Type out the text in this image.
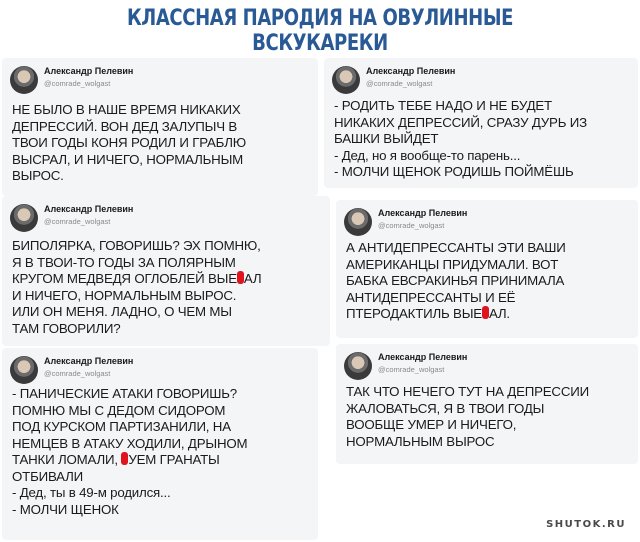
КЛАССНАЯ ПАРОДИЯ НА ОВУЛИННЫЕ ВСКУКАРЕКИ
Александр Пелевин
@comrade_wolgast
НЕ БЫЛО В НАШЕ ВРЕМЯ НИКАКИХ
ДЕПРЕССИЙ. ВОН ДЕД ЗАЛУПЫЧ В
ТВОИ ГОДЫ КОНЯ РОДИЛ И ГРАБЛЮ
ВЫСРАЛ, И НИЧЕГО, НОРМАЛЬНЫМ
ВЫРОС.
Александр Пелевин
@comrade_wolgast
- РОДИТЬ ТЕБЕ НАДО И НЕ БУДЕТ
НИКАКИХ ДЕПРЕССИЙ, СРАЗУ ДУРЬ ИЗ
БАШКИ ВЫЙДЕТ
- Дед, но я вообще-то парень...
- МОЛЧИ ЩЕНОК РОДИШЬ ПОЙМЁШЬ
Александр Пелевин
@comrade_wolgast
БИПОЛЯРКА, ГОВОРИШЬ? ЭХ ПОМНЮ,
Я В ТВОИ-ТО ГОДЫ ЗА ПОЛЯРНЫМ
КРУГОМ МЕДВЕДЯ ОГЛОБЛЕЙ ВЫЕ АЛ
И НИЧЕГО, НОРМАЛЬНЫМ ВЫРОС.
ИЛИ ОН МЕНЯ. ЛАДНО, О ЧЕМ МЫ
ТАМ ГОВОРИЛИ?
Александр Пелевин
@comrade_wolgast
А АНТИДЕПРЕССАНТЫ ЭТИ ВАШИ
АМЕРИКАНЦЫ ПРИДУМАЛИ. ВОТ
БАБКА ЕВСРАКИНЬЯ ПРИНИМАЛА
АНТИДЕПРЕССАНТЫ И ЕЁ
ПТЕРОДАКТИЛЬ ВЫЕ АЛ.
Александр Пелевин
@comrade_wolgast
- ПАНИЧЕСКИЕ АТАКИ ГОВОРИШЬ?
ПОМНЮ МЫ С ДЕДОМ СИДОРОМ
ПОД КУРСКОМ ПАРТИЗАНИЛИ, НА
НЕМЦЕВ В АТАКУ ХОДИЛИ, ДРЫНОМ
ТАНКИ ЛОМАЛИ, УЕМ ГРАНАТЫ
ОТБИВАЛИ
- Дед, ты в 49-м родился...
- МОЛЧИ ЩЕНОК
Александр Пелевин
@comrade_wolgast
ТАК ЧТО НЕЧЕГО ТУТ НА ДЕПРЕССИИ
ЖАЛОВАТЬСЯ, Я В ТВОИ ГОДЫ
ВООБЩЕ УМЕР И НИЧЕГО,
НОРМАЛЬНЫМ ВЫРОС
SHUTOK.RU
